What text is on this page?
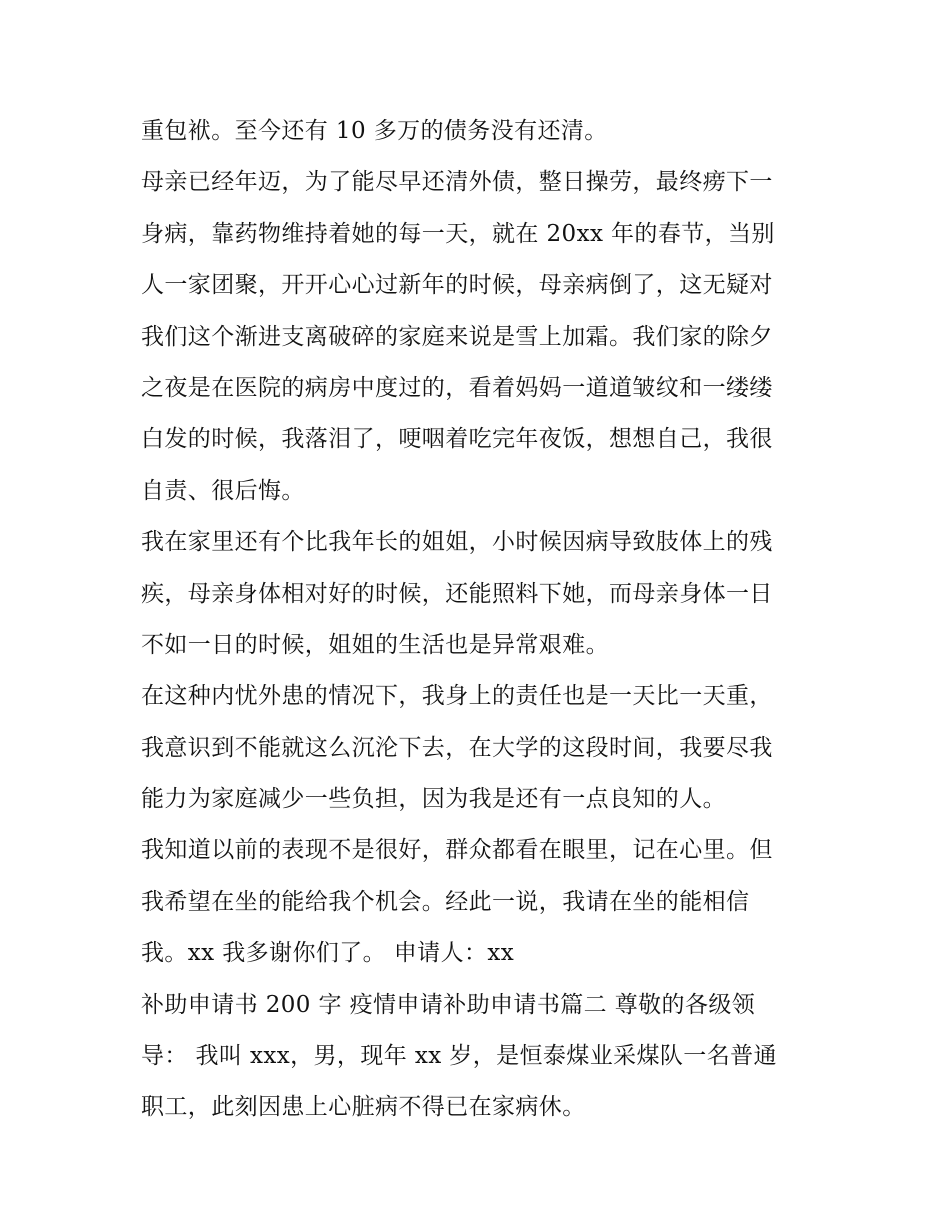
重包袱。至今还有 10 多万的债务没有还清。
母亲已经年迈，为了能尽早还清外债，整日操劳，最终痨下一
身病，靠药物维持着她的每一天，就在 20xx 年的春节，当别
人一家团聚，开开心心过新年的时候，母亲病倒了，这无疑对
我们这个渐进支离破碎的家庭来说是雪上加霜。我们家的除夕
之夜是在医院的病房中度过的，看着妈妈一道道皱纹和一缕缕
白发的时候，我落泪了，哽咽着吃完年夜饭，想想自己，我很
自责、很后悔。
我在家里还有个比我年长的姐姐，小时候因病导致肢体上的残
疾，母亲身体相对好的时候，还能照料下她，而母亲身体一日
不如一日的时候，姐姐的生活也是异常艰难。
在这种内忧外患的情况下，我身上的责任也是一天比一天重，
我意识到不能就这么沉沦下去，在大学的这段时间，我要尽我
能力为家庭减少一些负担，因为我是还有一点良知的人。
我知道以前的表现不是很好，群众都看在眼里，记在心里。但
我希望在坐的能给我个机会。经此一说，我请在坐的能相信
我。xx 我多谢你们了。 申请人：xx
补助申请书 200 字 疫情申请补助申请书篇二 尊敬的各级领
导： 我叫 xxx，男，现年 xx 岁，是恒泰煤业采煤队一名普通
职工，此刻因患上心脏病不得已在家病休。
